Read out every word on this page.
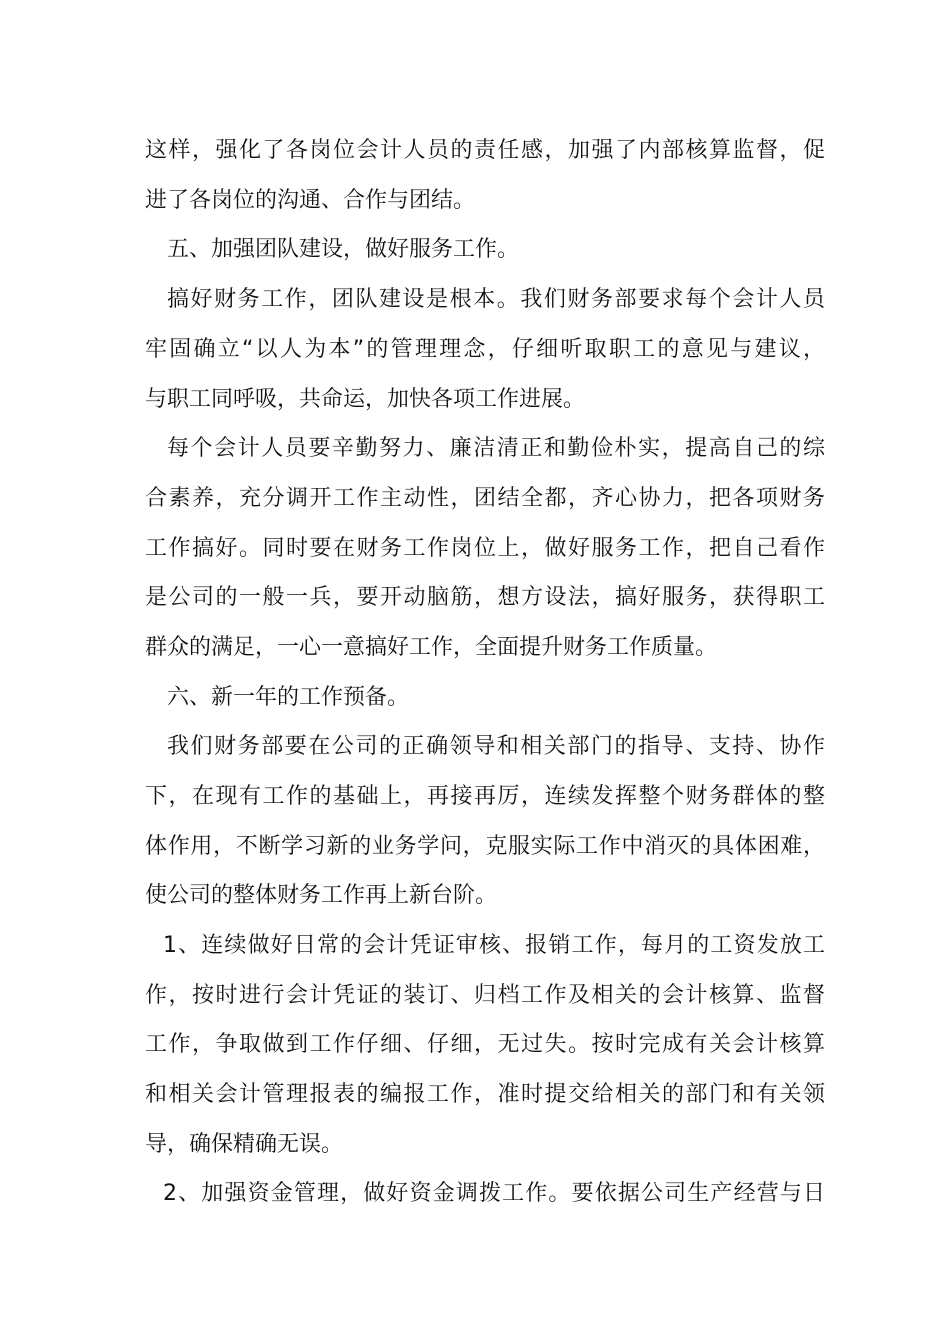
这样，强化了各岗位会计人员的责任感，加强了内部核算监督，促
进了各岗位的沟通、合作与团结。
五、加强团队建设，做好服务工作。
搞好财务工作，团队建设是根本。我们财务部要求每个会计人员
牢固确立“以人为本”的管理理念，仔细听取职工的意见与建议，
与职工同呼吸，共命运，加快各项工作进展。
每个会计人员要辛勤努力、廉洁清正和勤俭朴实，提高自己的综
合素养，充分调开工作主动性，团结全都，齐心协力，把各项财务
工作搞好。同时要在财务工作岗位上，做好服务工作，把自己看作
是公司的一般一兵，要开动脑筋，想方设法，搞好服务，获得职工
群众的满足，一心一意搞好工作，全面提升财务工作质量。
六、新一年的工作预备。
我们财务部要在公司的正确领导和相关部门的指导、支持、协作
下，在现有工作的基础上，再接再厉，连续发挥整个财务群体的整
体作用，不断学习新的业务学问，克服实际工作中消灭的具体困难，
使公司的整体财务工作再上新台阶。
1、连续做好日常的会计凭证审核、报销工作，每月的工资发放工
作，按时进行会计凭证的装订、归档工作及相关的会计核算、监督
工作，争取做到工作仔细、仔细，无过失。按时完成有关会计核算
和相关会计管理报表的编报工作，准时提交给相关的部门和有关领
导，确保精确无误。
2、加强资金管理，做好资金调拨工作。要依据公司生产经营与日
